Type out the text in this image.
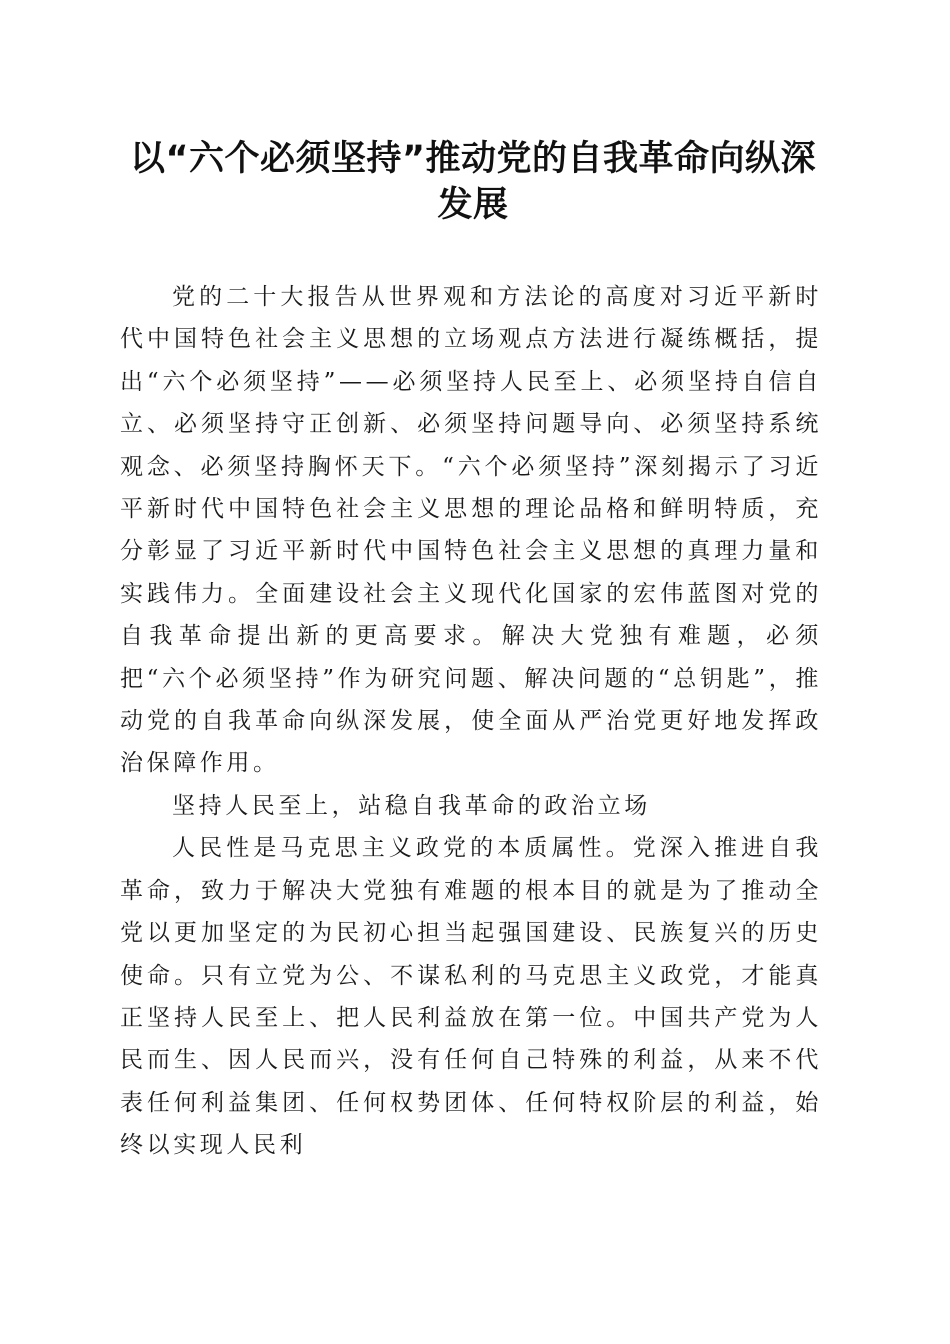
以“六个必须坚持”推动党的自我革命向纵深发展

党的二十大报告从世界观和方法论的高度对习近平新时代中国特色社会主义思想的立场观点方法进行凝练概括，提出“六个必须坚持”——必须坚持人民至上、必须坚持自信自立、必须坚持守正创新、必须坚持问题导向、必须坚持系统观念、必须坚持胸怀天下。“六个必须坚持”深刻揭示了习近平新时代中国特色社会主义思想的理论品格和鲜明特质，充分彰显了习近平新时代中国特色社会主义思想的真理力量和实践伟力。全面建设社会主义现代化国家的宏伟蓝图对党的自我革命提出新的更高要求。解决大党独有难题，必须把“六个必须坚持”作为研究问题、解决问题的“总钥匙”，推动党的自我革命向纵深发展，使全面从严治党更好地发挥政治保障作用。

坚持人民至上，站稳自我革命的政治立场

人民性是马克思主义政党的本质属性。党深入推进自我革命，致力于解决大党独有难题的根本目的就是为了推动全党以更加坚定的为民初心担当起强国建设、民族复兴的历史使命。只有立党为公、不谋私利的马克思主义政党，才能真正坚持人民至上、把人民利益放在第一位。中国共产党为人民而生、因人民而兴，没有任何自己特殊的利益，从来不代表任何利益集团、任何权势团体、任何特权阶层的利益，始终以实现人民利
